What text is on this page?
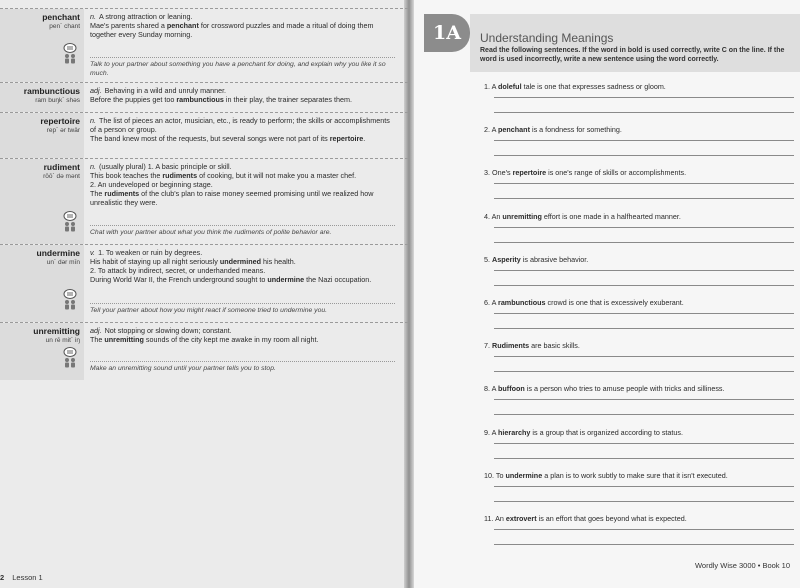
penchant
pen´ chant

n. A strong attraction or leaning.

Mae's parents shared a penchant for crossword puzzles and made a ritual of doing them together every Sunday morning.

Talk to your partner about something you have a penchant for doing, and explain why you like it so much.
rambunctious
ram buŋk´ shəs

adj. Behaving in a wild and unruly manner.

Before the puppies get too rambunctious in their play, the trainer separates them.

repertoire
rep´ ər twär

n. The list of pieces an actor, musician, etc., is ready to perform; the skills or accomplishments of a person or group.

The band knew most of the requests, but several songs were not part of its repertoire.

rudiment
rōō´ də mənt

n. (usually plural) 1. A basic principle or skill.

This book teaches the rudiments of cooking, but it will not make you a master chef.

2. An undeveloped or beginning stage.

The rudiments of the club's plan to raise money seemed promising until we realized how unrealistic they were.

Chat with your partner about what you think the rudiments of polite behavior are.
undermine
un´ dər mīn

v. 1. To weaken or ruin by degrees.

His habit of staying up all night seriously undermined his health.

2. To attack by indirect, secret, or underhanded means.

During World War II, the French underground sought to undermine the Nazi occupation.

Tell your partner about how you might react if someone tried to undermine you.
unremitting
un rē mit´ iŋ

adj. Not stopping or slowing down; constant.

The unremitting sounds of the city kept me awake in my room all night.

Make an unremitting sound until your partner tells you to stop.
2 Lesson 1
1A	Understanding Meanings
Read the following sentences. If the word in bold is used correctly, write C on the line. If the word is used incorrectly, write a new sentence using the word correctly.
1. A doleful tale is one that expresses sadness or gloom.
2. A penchant is a fondness for something.
3. One's repertoire is one's range of skills or accomplishments.
4. An unremitting effort is one made in a halfhearted manner.
5. Asperity is abrasive behavior.
6. A rambunctious crowd is one that is excessively exuberant.
7. Rudiments are basic skills.
8. A buffoon is a person who tries to amuse people with tricks and silliness.
9. A hierarchy is a group that is organized according to status.
10. To undermine a plan is to work subtly to make sure that it isn't executed.
11. An extrovert is an effort that goes beyond what is expected.
Wordly Wise 3000 • Book 10
